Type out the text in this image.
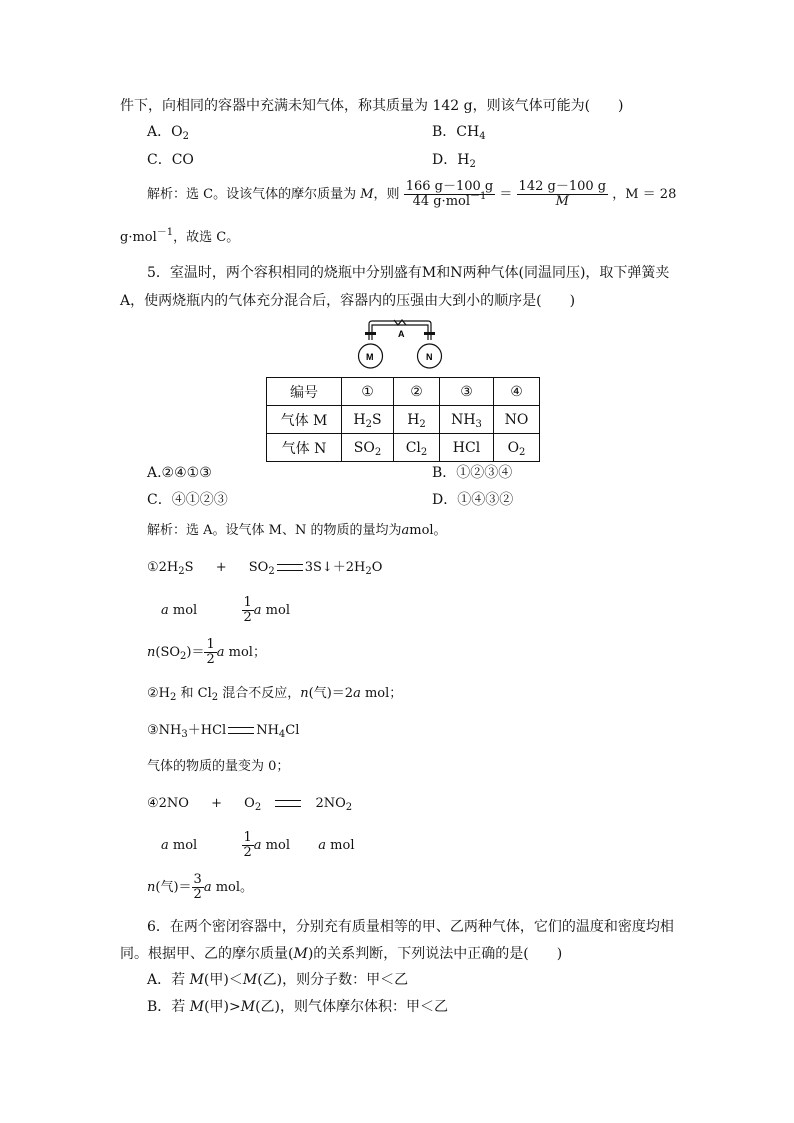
件下，向相同的容器中充满未知气体，称其质量为 142 g，则该气体可能为(　　)
A．$O_2$	B．$CH_4$
C．CO	D．$H_2$
解析：选 C。设该气体的摩尔质量为 M，则 $\frac{166 g-100 g}{44 g\cdot mol^{-1}} = \frac{142 g-100 g}{M}$ ，M ＝ 28
g·mol$^{-1}$，故选 C。
5．室温时，两个容积相同的烧瓶中分别盛有M和N两种气体(同温同压)，取下弹簧夹
A，使两烧瓶内的气体充分混合后，容器内的压强由大到小的顺序是(　　)
A
M	N
编号	①	②	③	④
气体 M	$H_2S$	$H_2$	$NH_3$	NO
气体 N	$SO_2$	$Cl_2$	HCl	$O_2$
A.②④①③	B．①②③④
C．④①②③	D．①④③②
解析：选 A。设气体 M、N 的物质的量均为amol。
$①2H_2S + SO_2$ $3S↓+2H_2O$
a mol	$\frac{1}{2}$ a mol
$n(SO_2)= \frac{1}{2}$ a mol；
$②H_2$ 和 $Cl_2$ 混合不反应，n(气)＝2a mol；
$③NH_3+HCl$ $NH_4Cl$
气体的物质的量变为 0；
④2NO + $O_2$	$2NO_2$
a mol	$\frac{1}{2}$ a mol a mol
n(气)＝ $\frac{3}{2}$ a mol。
6．在两个密闭容器中，分别充有质量相等的甲、乙两种气体，它们的温度和密度均相
同。根据甲、乙的摩尔质量(M)的关系判断，下列说法中正确的是(　　)
A．若 M(甲)＜M(乙)，则分子数：甲＜乙
B．若 M(甲)>M(乙)，则气体摩尔体积：甲＜乙
